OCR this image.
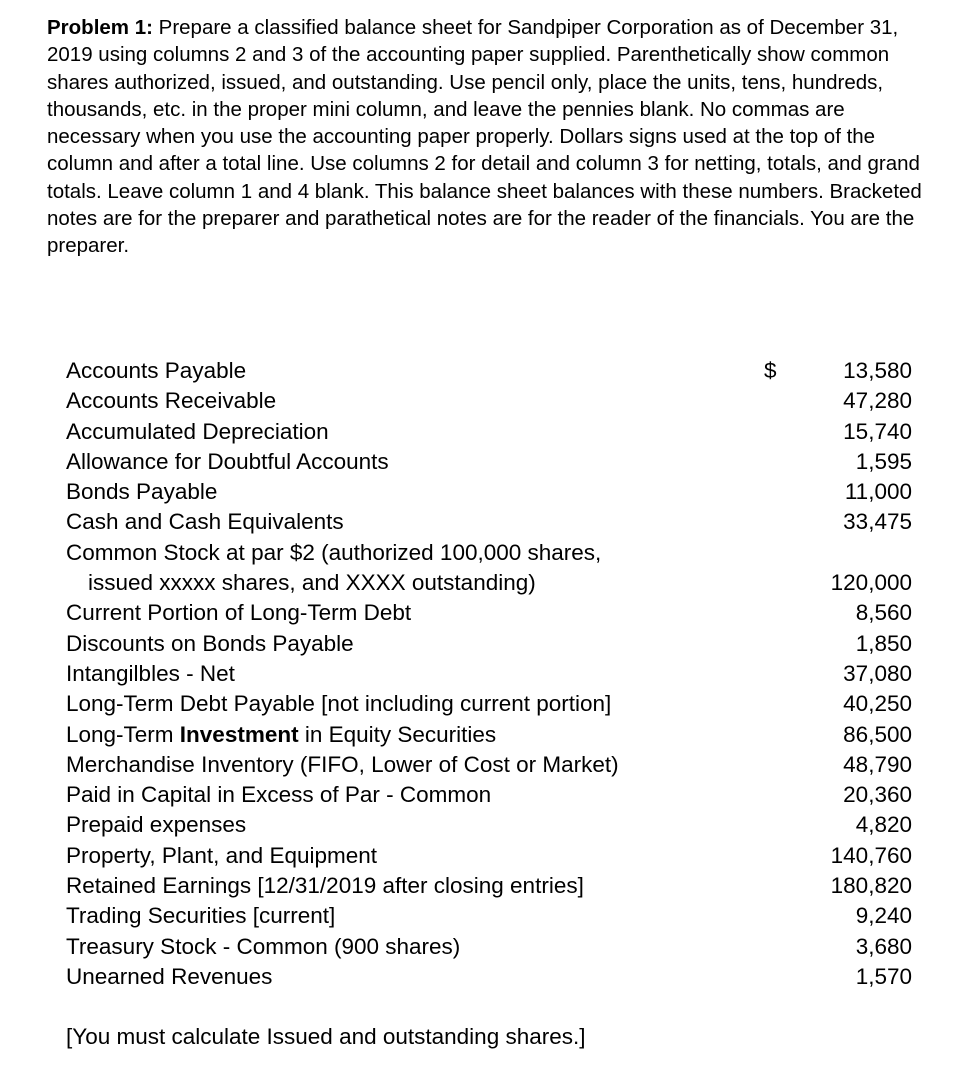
Problem 1: Prepare a classified balance sheet for Sandpiper Corporation as of December 31, 2019 using columns 2 and 3 of the accounting paper supplied. Parenthetically show common shares authorized, issued, and outstanding. Use pencil only, place the units, tens, hundreds, thousands, etc. in the proper mini column, and leave the pennies blank. No commas are necessary when you use the accounting paper properly. Dollars signs used at the top of the column and after a total line. Use columns 2 for detail and column 3 for netting, totals, and grand totals. Leave column 1 and 4 blank. This balance sheet balances with these numbers. Bracketed notes are for the preparer and parathetical notes are for the reader of the financials. You are the preparer.

Accounts Payable	$	13,580
Accounts Receivable	47,280
Accumulated Depreciation	15,740
Allowance for Doubtful Accounts	1,595
Bonds Payable	11,000
Cash and Cash Equivalents	33,475
Common Stock at par $2 (authorized 100,000 shares,
issued xxxxx shares, and XXXX outstanding)	120,000
Current Portion of Long-Term Debt	8,560
Discounts on Bonds Payable	1,850
Intangilbles - Net	37,080
Long-Term Debt Payable [not including current portion]	40,250
Long-Term Investment in Equity Securities	86,500
Merchandise Inventory (FIFO, Lower of Cost or Market)	48,790
Paid in Capital in Excess of Par - Common	20,360
Prepaid expenses	4,820
Property, Plant, and Equipment	140,760
Retained Earnings [12/31/2019 after closing entries]	180,820
Trading Securities [current]	9,240
Treasury Stock - Common (900 shares)	3,680
Unearned Revenues	1,570
[You must calculate Issued and outstanding shares.]
